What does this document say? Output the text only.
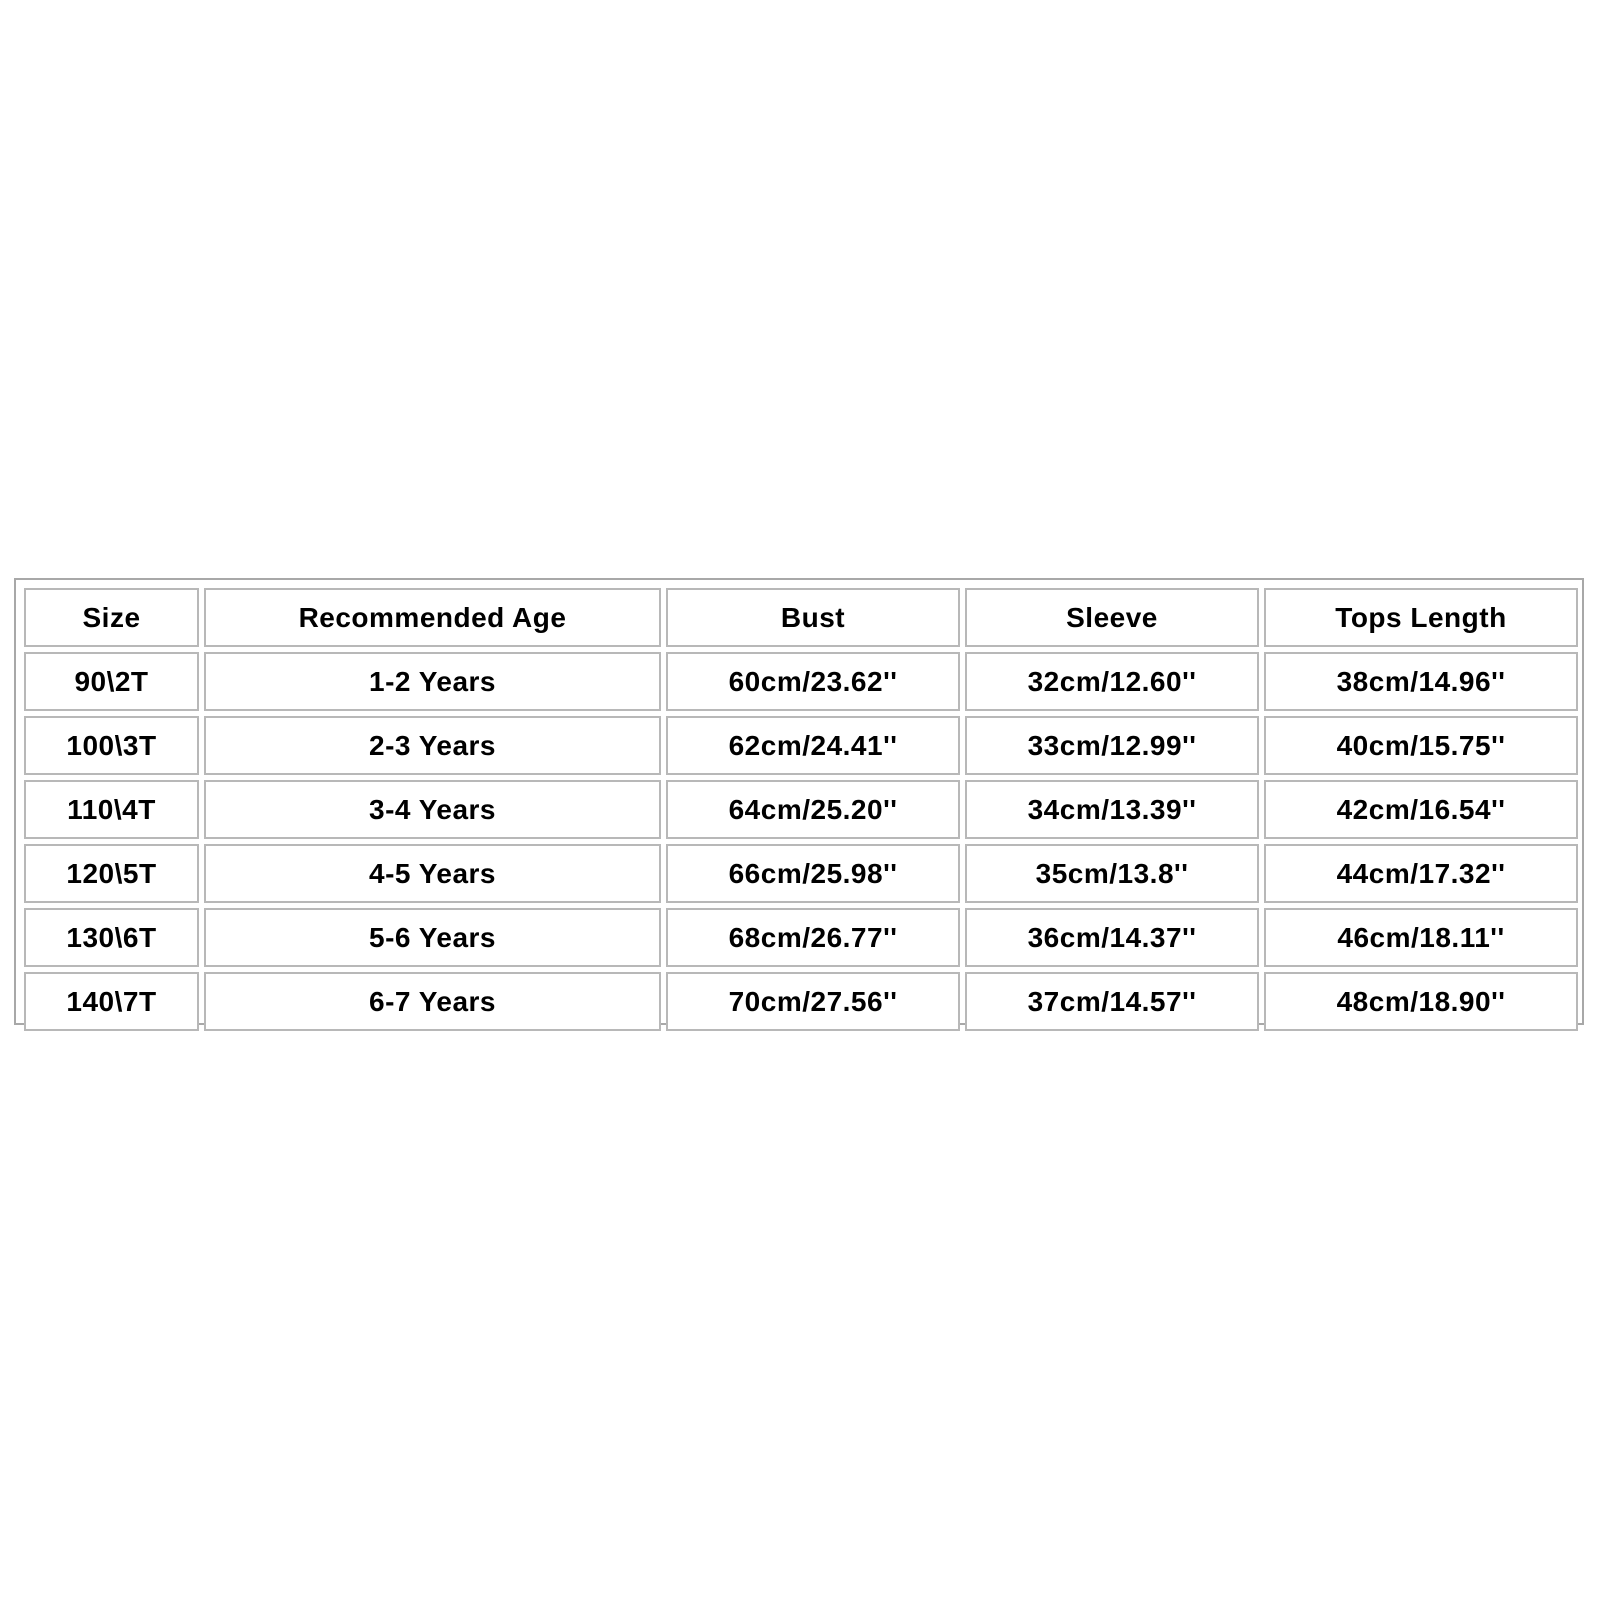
Size	Recommended Age	Bust	Sleeve	Tops Length
90\2T	1-2 Years	60cm/23.62''	32cm/12.60''	38cm/14.96''
100\3T	2-3 Years	62cm/24.41''	33cm/12.99''	40cm/15.75''
110\4T	3-4 Years	64cm/25.20''	34cm/13.39''	42cm/16.54''
120\5T	4-5 Years	66cm/25.98''	35cm/13.8''	44cm/17.32''
130\6T	5-6 Years	68cm/26.77''	36cm/14.37''	46cm/18.11''
140\7T	6-7 Years	70cm/27.56''	37cm/14.57''	48cm/18.90''
